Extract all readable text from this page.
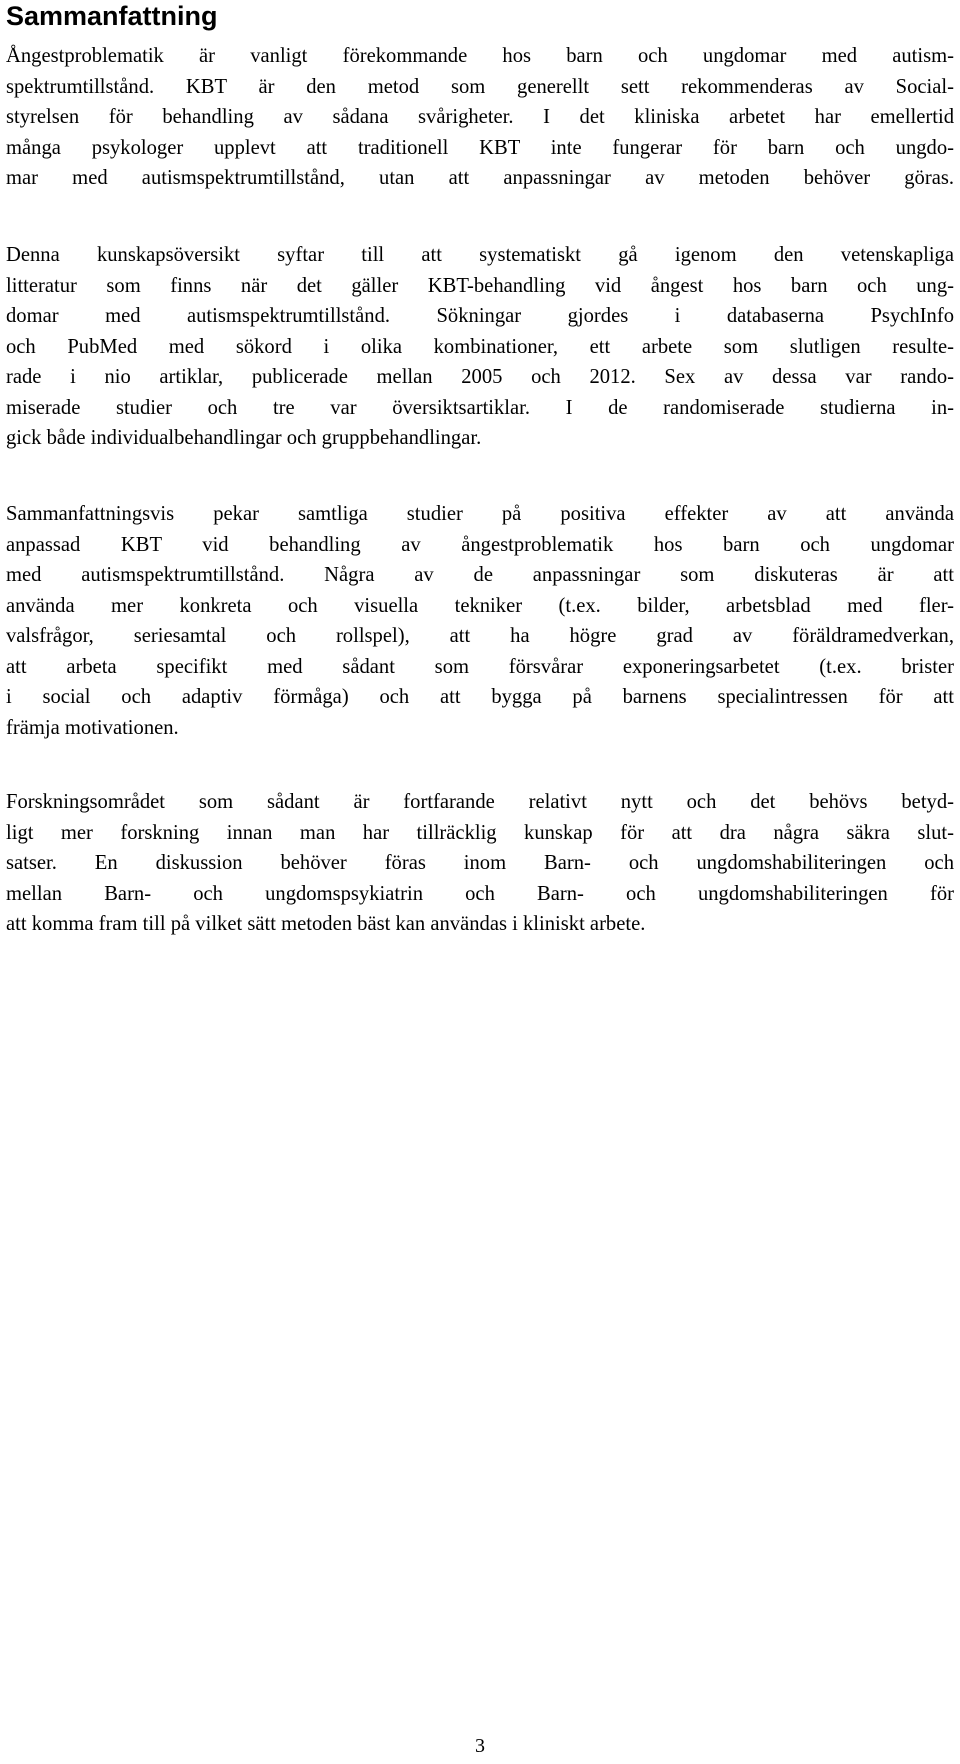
Sammanfattning
Ångestproblematik är vanligt förekommande hos barn och ungdomar med autism-
spektrumtillstånd. KBT är den metod som generellt sett rekommenderas av Social-
styrelsen för behandling av sådana svårigheter. I det kliniska arbetet har emellertid
många psykologer upplevt att traditionell KBT inte fungerar för barn och ungdo-
mar med autismspektrumtillstånd, utan att anpassningar av metoden behöver göras.
Denna kunskapsöversikt syftar till att systematiskt gå igenom den vetenskapliga
litteratur som finns när det gäller KBT-behandling vid ångest hos barn och ung-
domar med autismspektrumtillstånd. Sökningar gjordes i databaserna PsychInfo
och PubMed med sökord i olika kombinationer, ett arbete som slutligen resulte-
rade i nio artiklar, publicerade mellan 2005 och 2012. Sex av dessa var rando-
miserade studier och tre var översiktsartiklar. I de randomiserade studierna in-
gick både individualbehandlingar och gruppbehandlingar.
Sammanfattningsvis pekar samtliga studier på positiva effekter av att använda
anpassad KBT vid behandling av ångestproblematik hos barn och ungdomar
med autismspektrumtillstånd. Några av de anpassningar som diskuteras är att
använda mer konkreta och visuella tekniker (t.ex. bilder, arbetsblad med fler-
valsfrågor, seriesamtal och rollspel), att ha högre grad av föräldramedverkan,
att arbeta specifikt med sådant som försvårar exponeringsarbetet (t.ex. brister
i social och adaptiv förmåga) och att bygga på barnens specialintressen för att
främja motivationen.
Forskningsområdet som sådant är fortfarande relativt nytt och det behövs betyd-
ligt mer forskning innan man har tillräcklig kunskap för att dra några säkra slut-
satser. En diskussion behöver föras inom Barn- och ungdomshabiliteringen och
mellan Barn- och ungdomspsykiatrin och Barn- och ungdomshabiliteringen för
att komma fram till på vilket sätt metoden bäst kan användas i kliniskt arbete.

3
